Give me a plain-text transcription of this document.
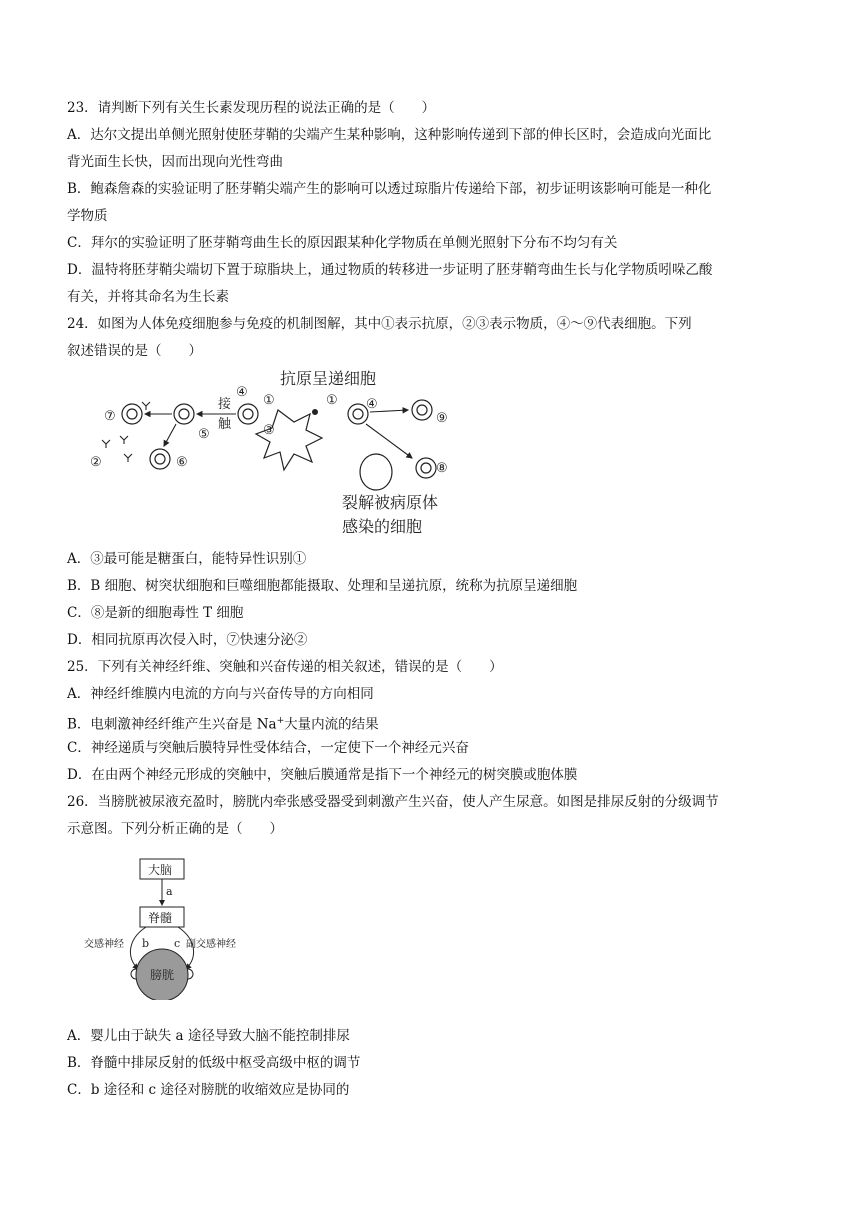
23．请判断下列有关生长素发现历程的说法正确的是（　　）
A．达尔文提出单侧光照射使胚芽鞘的尖端产生某种影响，这种影响传递到下部的伸长区时，会造成向光面比
背光面生长快，因而出现向光性弯曲
B．鲍森詹森的实验证明了胚芽鞘尖端产生的影响可以透过琼脂片传递给下部，初步证明该影响可能是一种化
学物质
C．拜尔的实验证明了胚芽鞘弯曲生长的原因跟某种化学物质在单侧光照射下分布不均匀有关
D．温特将胚芽鞘尖端切下置于琼脂块上，通过物质的转移进一步证明了胚芽鞘弯曲生长与化学物质吲哚乙酸
有关，并将其命名为生长素
24．如图为人体免疫细胞参与免疫的机制图解，其中①表示抗原，②③表示物质，④～⑨代表细胞。下列
叙述错误的是（　　）
抗原呈递细胞
④
①
③
① ④
接
触
⑤
⑦
⑥
②
⑨
⑧
裂解被病原体
感染的细胞
A．③最可能是糖蛋白，能特异性识别①
B．B 细胞、树突状细胞和巨噬细胞都能摄取、处理和呈递抗原，统称为抗原呈递细胞
C．⑧是新的细胞毒性 T 细胞
D．相同抗原再次侵入时，⑦快速分泌②
25．下列有关神经纤维、突触和兴奋传递的相关叙述，错误的是（　　）
A．神经纤维膜内电流的方向与兴奋传导的方向相同
B．电刺激神经纤维产生兴奋是 Na+大量内流的结果
C．神经递质与突触后膜特异性受体结合，一定使下一个神经元兴奋
D．在由两个神经元形成的突触中，突触后膜通常是指下一个神经元的树突膜或胞体膜
26．当膀胱被尿液充盈时，膀胱内牵张感受器受到刺激产生兴奋，使人产生尿意。如图是排尿反射的分级调节
示意图。下列分析正确的是（　　）
大脑
a
脊髓
b c
交感神经	副交感神经
膀胱
A．婴儿由于缺失 a 途径导致大脑不能控制排尿
B．脊髓中排尿反射的低级中枢受高级中枢的调节
C．b 途径和 c 途径对膀胱的收缩效应是协同的
